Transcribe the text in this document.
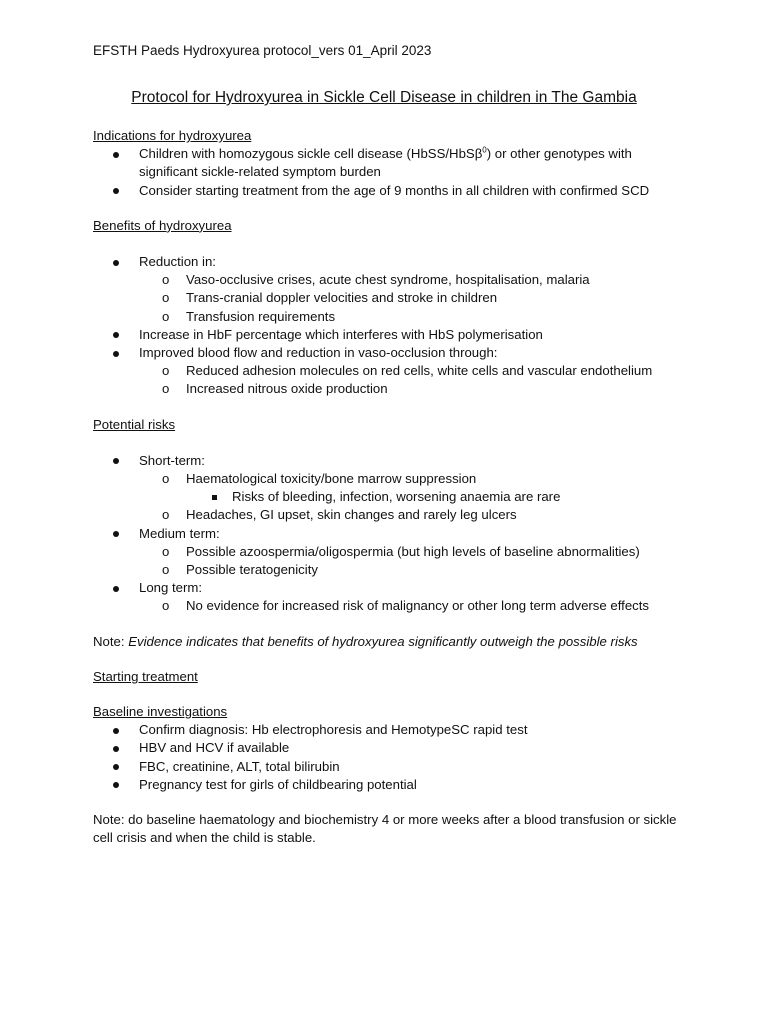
EFSTH Paeds Hydroxyurea protocol_vers 01_April 2023
Protocol for Hydroxyurea in Sickle Cell Disease in children in The Gambia
Indications for hydroxyurea
Children with homozygous sickle cell disease (HbSS/HbSβ$^0$) or other genotypes with significant sickle-related symptom burden
Consider starting treatment from the age of 9 months in all children with confirmed SCD
Benefits of hydroxyurea
Reduction in:
o Vaso-occlusive crises, acute chest syndrome, hospitalisation, malaria
o Trans-cranial doppler velocities and stroke in children
o Transfusion requirements
Increase in HbF percentage which interferes with HbS polymerisation
Improved blood flow and reduction in vaso-occlusion through:
o Reduced adhesion molecules on red cells, white cells and vascular endothelium
o Increased nitrous oxide production
Potential risks
Short-term:
o Haematological toxicity/bone marrow suppression
Risks of bleeding, infection, worsening anaemia are rare
o Headaches, GI upset, skin changes and rarely leg ulcers
Medium term:
o Possible azoospermia/oligospermia (but high levels of baseline abnormalities)
o Possible teratogenicity
Long term:
o No evidence for increased risk of malignancy or other long term adverse effects
Note: Evidence indicates that benefits of hydroxyurea significantly outweigh the possible risks
Starting treatment
Baseline investigations
Confirm diagnosis: Hb electrophoresis and HemotypeSC rapid test
HBV and HCV if available
FBC, creatinine, ALT, total bilirubin
Pregnancy test for girls of childbearing potential
Note: do baseline haematology and biochemistry 4 or more weeks after a blood transfusion or sickle cell crisis and when the child is stable.
